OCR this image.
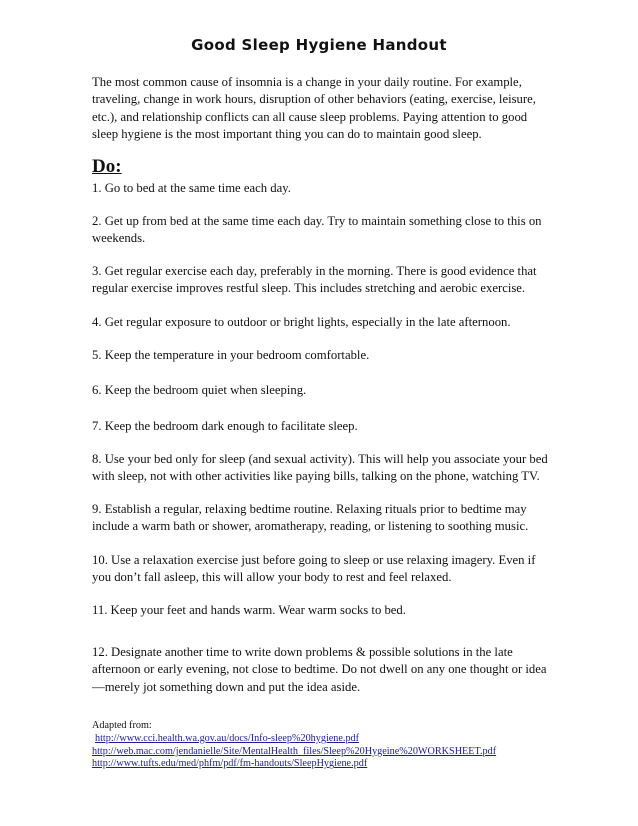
Good Sleep Hygiene Handout
The most common cause of insomnia is a change in your daily routine. For example, traveling, change in work hours, disruption of other behaviors (eating, exercise, leisure, etc.), and relationship conflicts can all cause sleep problems. Paying attention to good sleep hygiene is the most important thing you can do to maintain good sleep.
Do:
1. Go to bed at the same time each day.
2. Get up from bed at the same time each day. Try to maintain something close to this on weekends.
3. Get regular exercise each day, preferably in the morning. There is good evidence that regular exercise improves restful sleep. This includes stretching and aerobic exercise.
4. Get regular exposure to outdoor or bright lights, especially in the late afternoon.
5. Keep the temperature in your bedroom comfortable.
6. Keep the bedroom quiet when sleeping.
7. Keep the bedroom dark enough to facilitate sleep.
8. Use your bed only for sleep (and sexual activity). This will help you associate your bed with sleep, not with other activities like paying bills, talking on the phone, watching TV.
9. Establish a regular, relaxing bedtime routine. Relaxing rituals prior to bedtime may include a warm bath or shower, aromatherapy, reading, or listening to soothing music.
10. Use a relaxation exercise just before going to sleep or use relaxing imagery. Even if you don’t fall asleep, this will allow your body to rest and feel relaxed.
11. Keep your feet and hands warm. Wear warm socks to bed.
12. Designate another time to write down problems & possible solutions in the late afternoon or early evening, not close to bedtime. Do not dwell on any one thought or idea—merely jot something down and put the idea aside.
Adapted from:
http://www.cci.health.wa.gov.au/docs/Info-sleep%20hygiene.pdf
http://web.mac.com/jendanielle/Site/MentalHealth_files/Sleep%20Hygeine%20WORKSHEET.pdf
http://www.tufts.edu/med/phfm/pdf/fm-handouts/SleepHygiene.pdf
